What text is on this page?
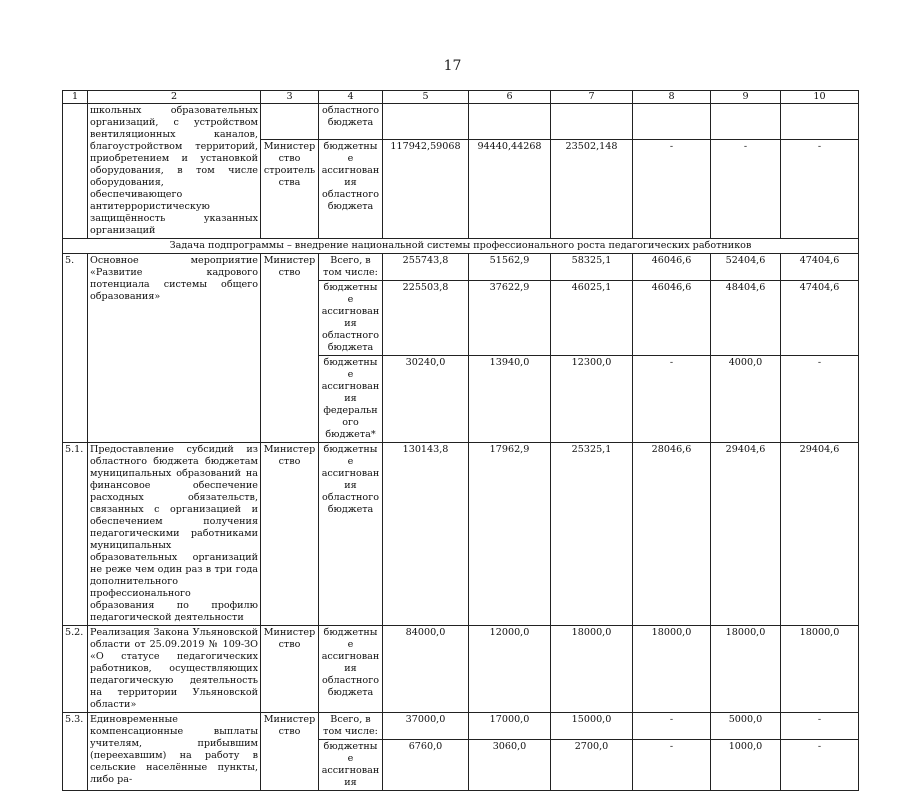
17
1	2	3	4	5	6	7	8	9	10
	школьных образовательных организаций, с устройством вентиляционных каналов, благоустройством территорий, приобретением и установкой оборудования, в том числе оборудования, обеспечивающего антитеррористическую защищённость указанных организаций		областного бюджета						
		Министерство строительства	бюджетные ассигнования областного бюджета	117942,59068	94440,44268	23502,148	-	-	-
Задача подпрограммы – внедрение национальной системы профессионального роста педагогических работников									
5.	Основное мероприятие «Развитие кадрового потенциала системы общего образования»	Министерство	Всего, в том числе:	255743,8	51562,9	58325,1	46046,6	52404,6	47404,6
			бюджетные ассигнования областного бюджета	225503,8	37622,9	46025,1	46046,6	48404,6	47404,6
			бюджетные ассигнования федерального бюджета*	30240,0	13940,0	12300,0	-	4000,0	-
5.1.	Предоставление субсидий из областного бюджета бюджетам муниципальных образований на финансовое обеспечение расходных обязательств, связанных с организацией и обеспечением получения педагогическими работниками муниципальных образовательных организаций не реже чем один раз в три года дополнительного профессионального образования по профилю педагогической деятельности	Министерство	бюджетные ассигнования областного бюджета	130143,8	17962,9	25325,1	28046,6	29404,6	29404,6
5.2.	Реализация Закона Ульяновской области от 25.09.2019 № 109-ЗО «О статусе педагогических работников, осуществляющих педагогическую деятельность на территории Ульяновской области»	Министерство	бюджетные ассигнования областного бюджета	84000,0	12000,0	18000,0	18000,0	18000,0	18000,0
5.3.	Единовременные компенсационные выплаты учителям, прибывшим (переехавшим) на работу в сельские населённые пункты, либо ра-	Министерство	Всего, в том числе:	37000,0	17000,0	15000,0	-	5000,0	-
			бюджетные ассигнования	6760,0	3060,0	2700,0	-	1000,0	-
